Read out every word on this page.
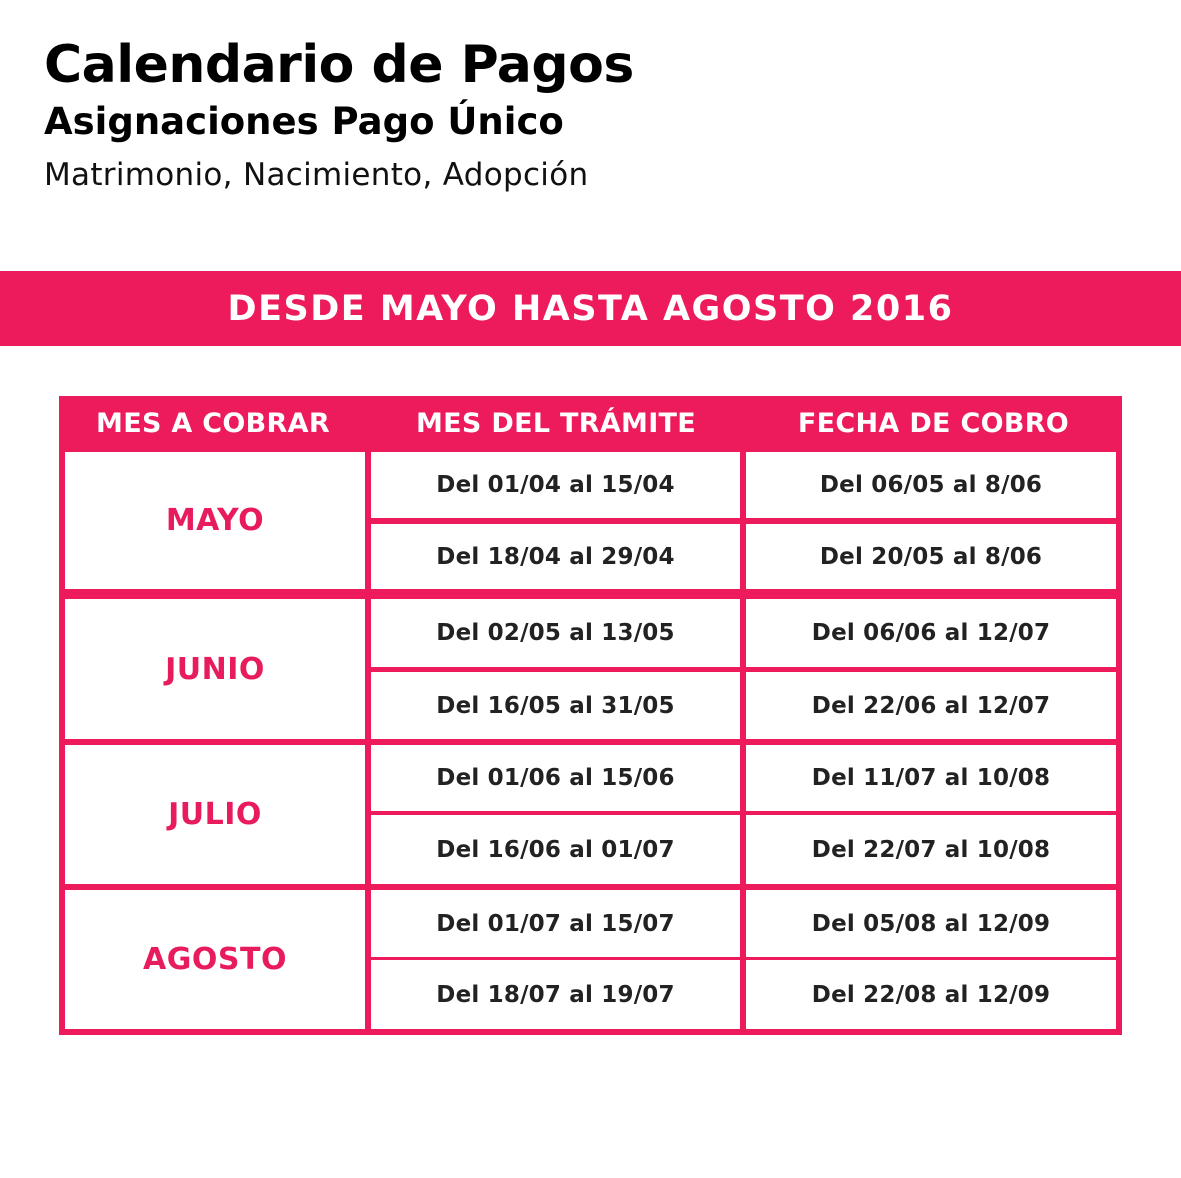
Calendario de Pagos
Asignaciones Pago Único

Matrimonio, Nacimiento, Adopción

DESDE MAYO HASTA AGOSTO 2016
MES A COBRAR	MES DEL TRÁMITE	FECHA DE COBRO
MAYO
Del 01/04 al 15/04	Del 06/05 al 8/06
Del 18/04 al 29/04	Del 20/05 al 8/06
JUNIO
Del 02/05 al 13/05	Del 06/06 al 12/07
Del 16/05 al 31/05	Del 22/06 al 12/07
JULIO
Del 01/06 al 15/06	Del 11/07 al 10/08
Del 16/06 al 01/07	Del 22/07 al 10/08
AGOSTO
Del 01/07 al 15/07	Del 05/08 al 12/09
Del 18/07 al 19/07	Del 22/08 al 12/09
